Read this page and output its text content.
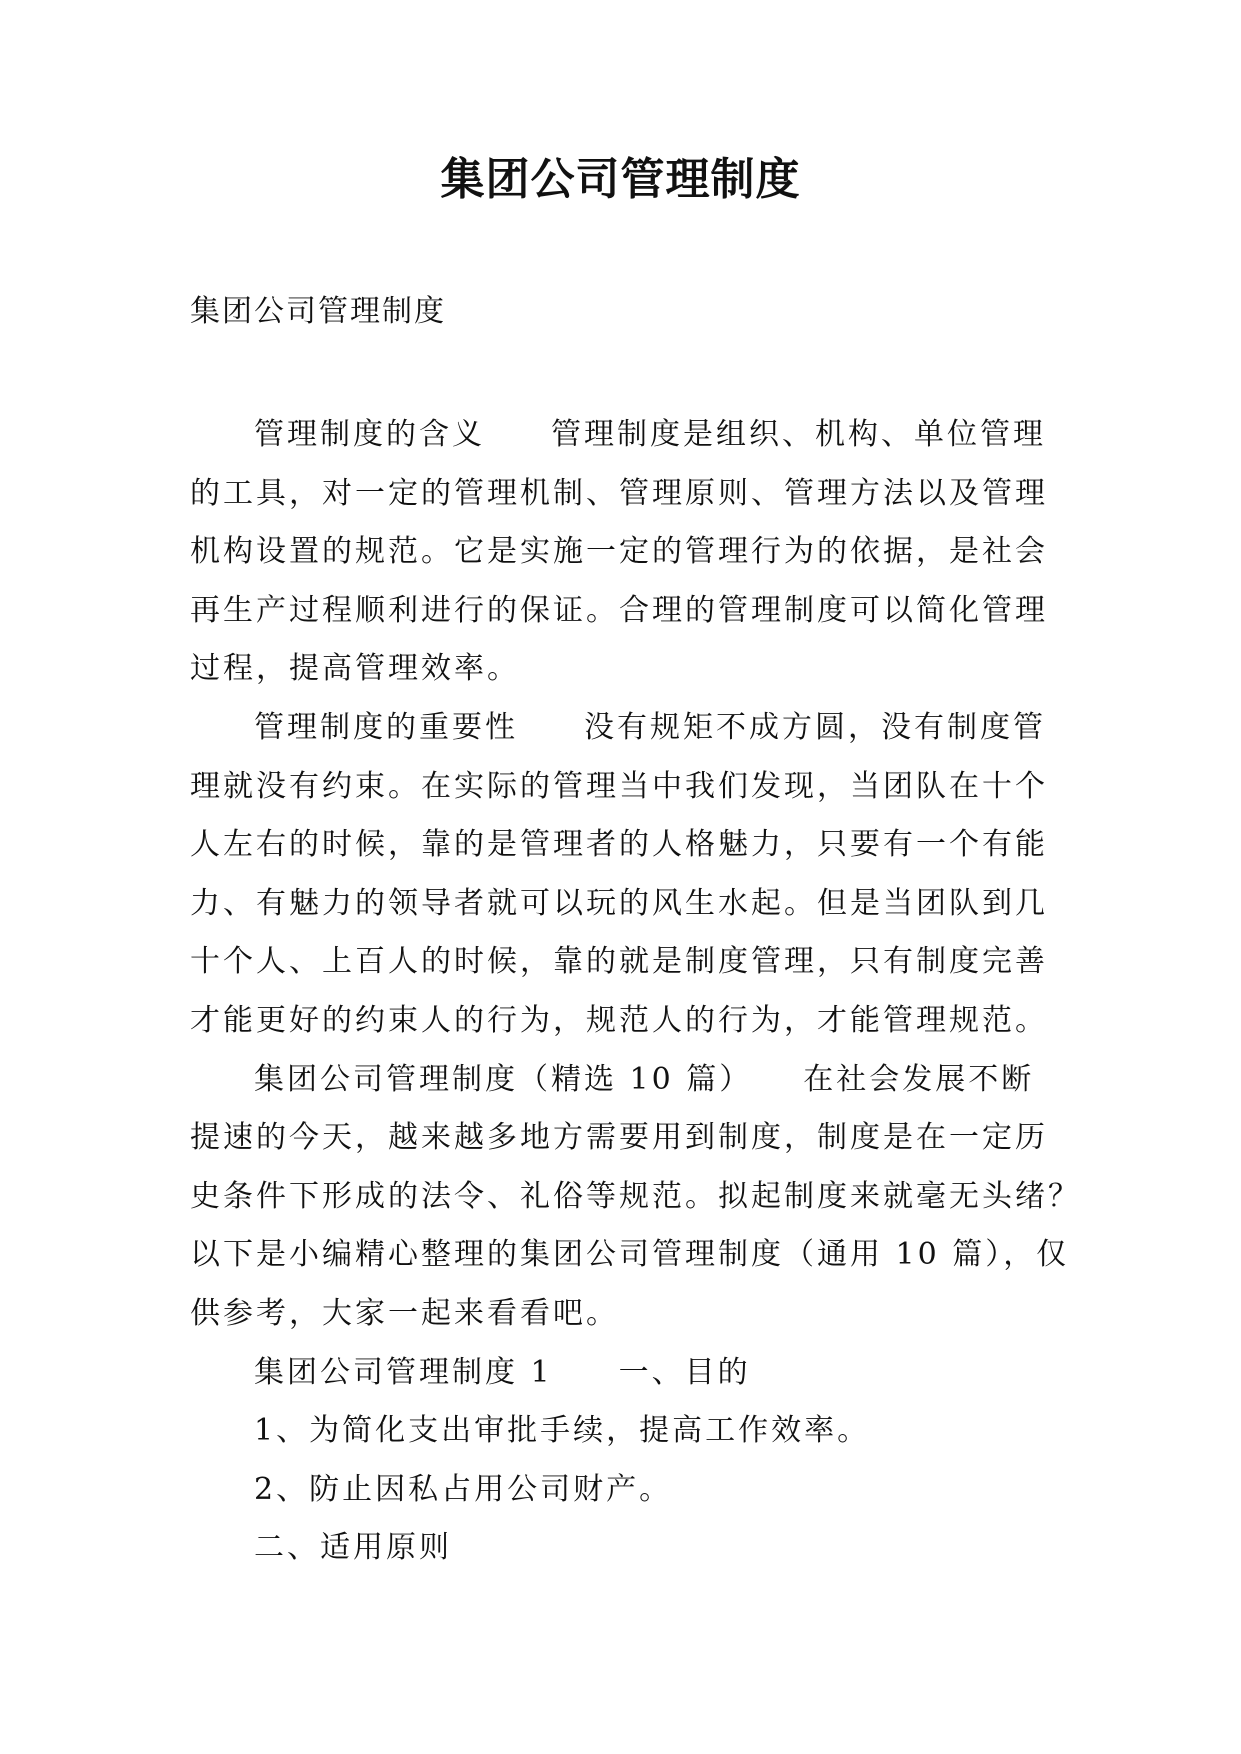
集团公司管理制度
集团公司管理制度
管理制度的含义　　管理制度是组织、机构、单位管理
的工具，对一定的管理机制、管理原则、管理方法以及管理
机构设置的规范。它是实施一定的管理行为的依据，是社会
再生产过程顺利进行的保证。合理的管理制度可以简化管理
过程，提高管理效率。
管理制度的重要性　　没有规矩不成方圆，没有制度管
理就没有约束。在实际的管理当中我们发现，当团队在十个
人左右的时候，靠的是管理者的人格魅力，只要有一个有能
力、有魅力的领导者就可以玩的风生水起。但是当团队到几
十个人、上百人的时候，靠的就是制度管理，只有制度完善
才能更好的约束人的行为，规范人的行为，才能管理规范。
集团公司管理制度（精选 10 篇）　　在社会发展不断
提速的今天，越来越多地方需要用到制度，制度是在一定历
史条件下形成的法令、礼俗等规范。拟起制度来就毫无头绪？
以下是小编精心整理的集团公司管理制度（通用 10 篇），仅
供参考，大家一起来看看吧。
集团公司管理制度 1　　一、目的
1、为简化支出审批手续，提高工作效率。
2、防止因私占用公司财产。
二、适用原则
